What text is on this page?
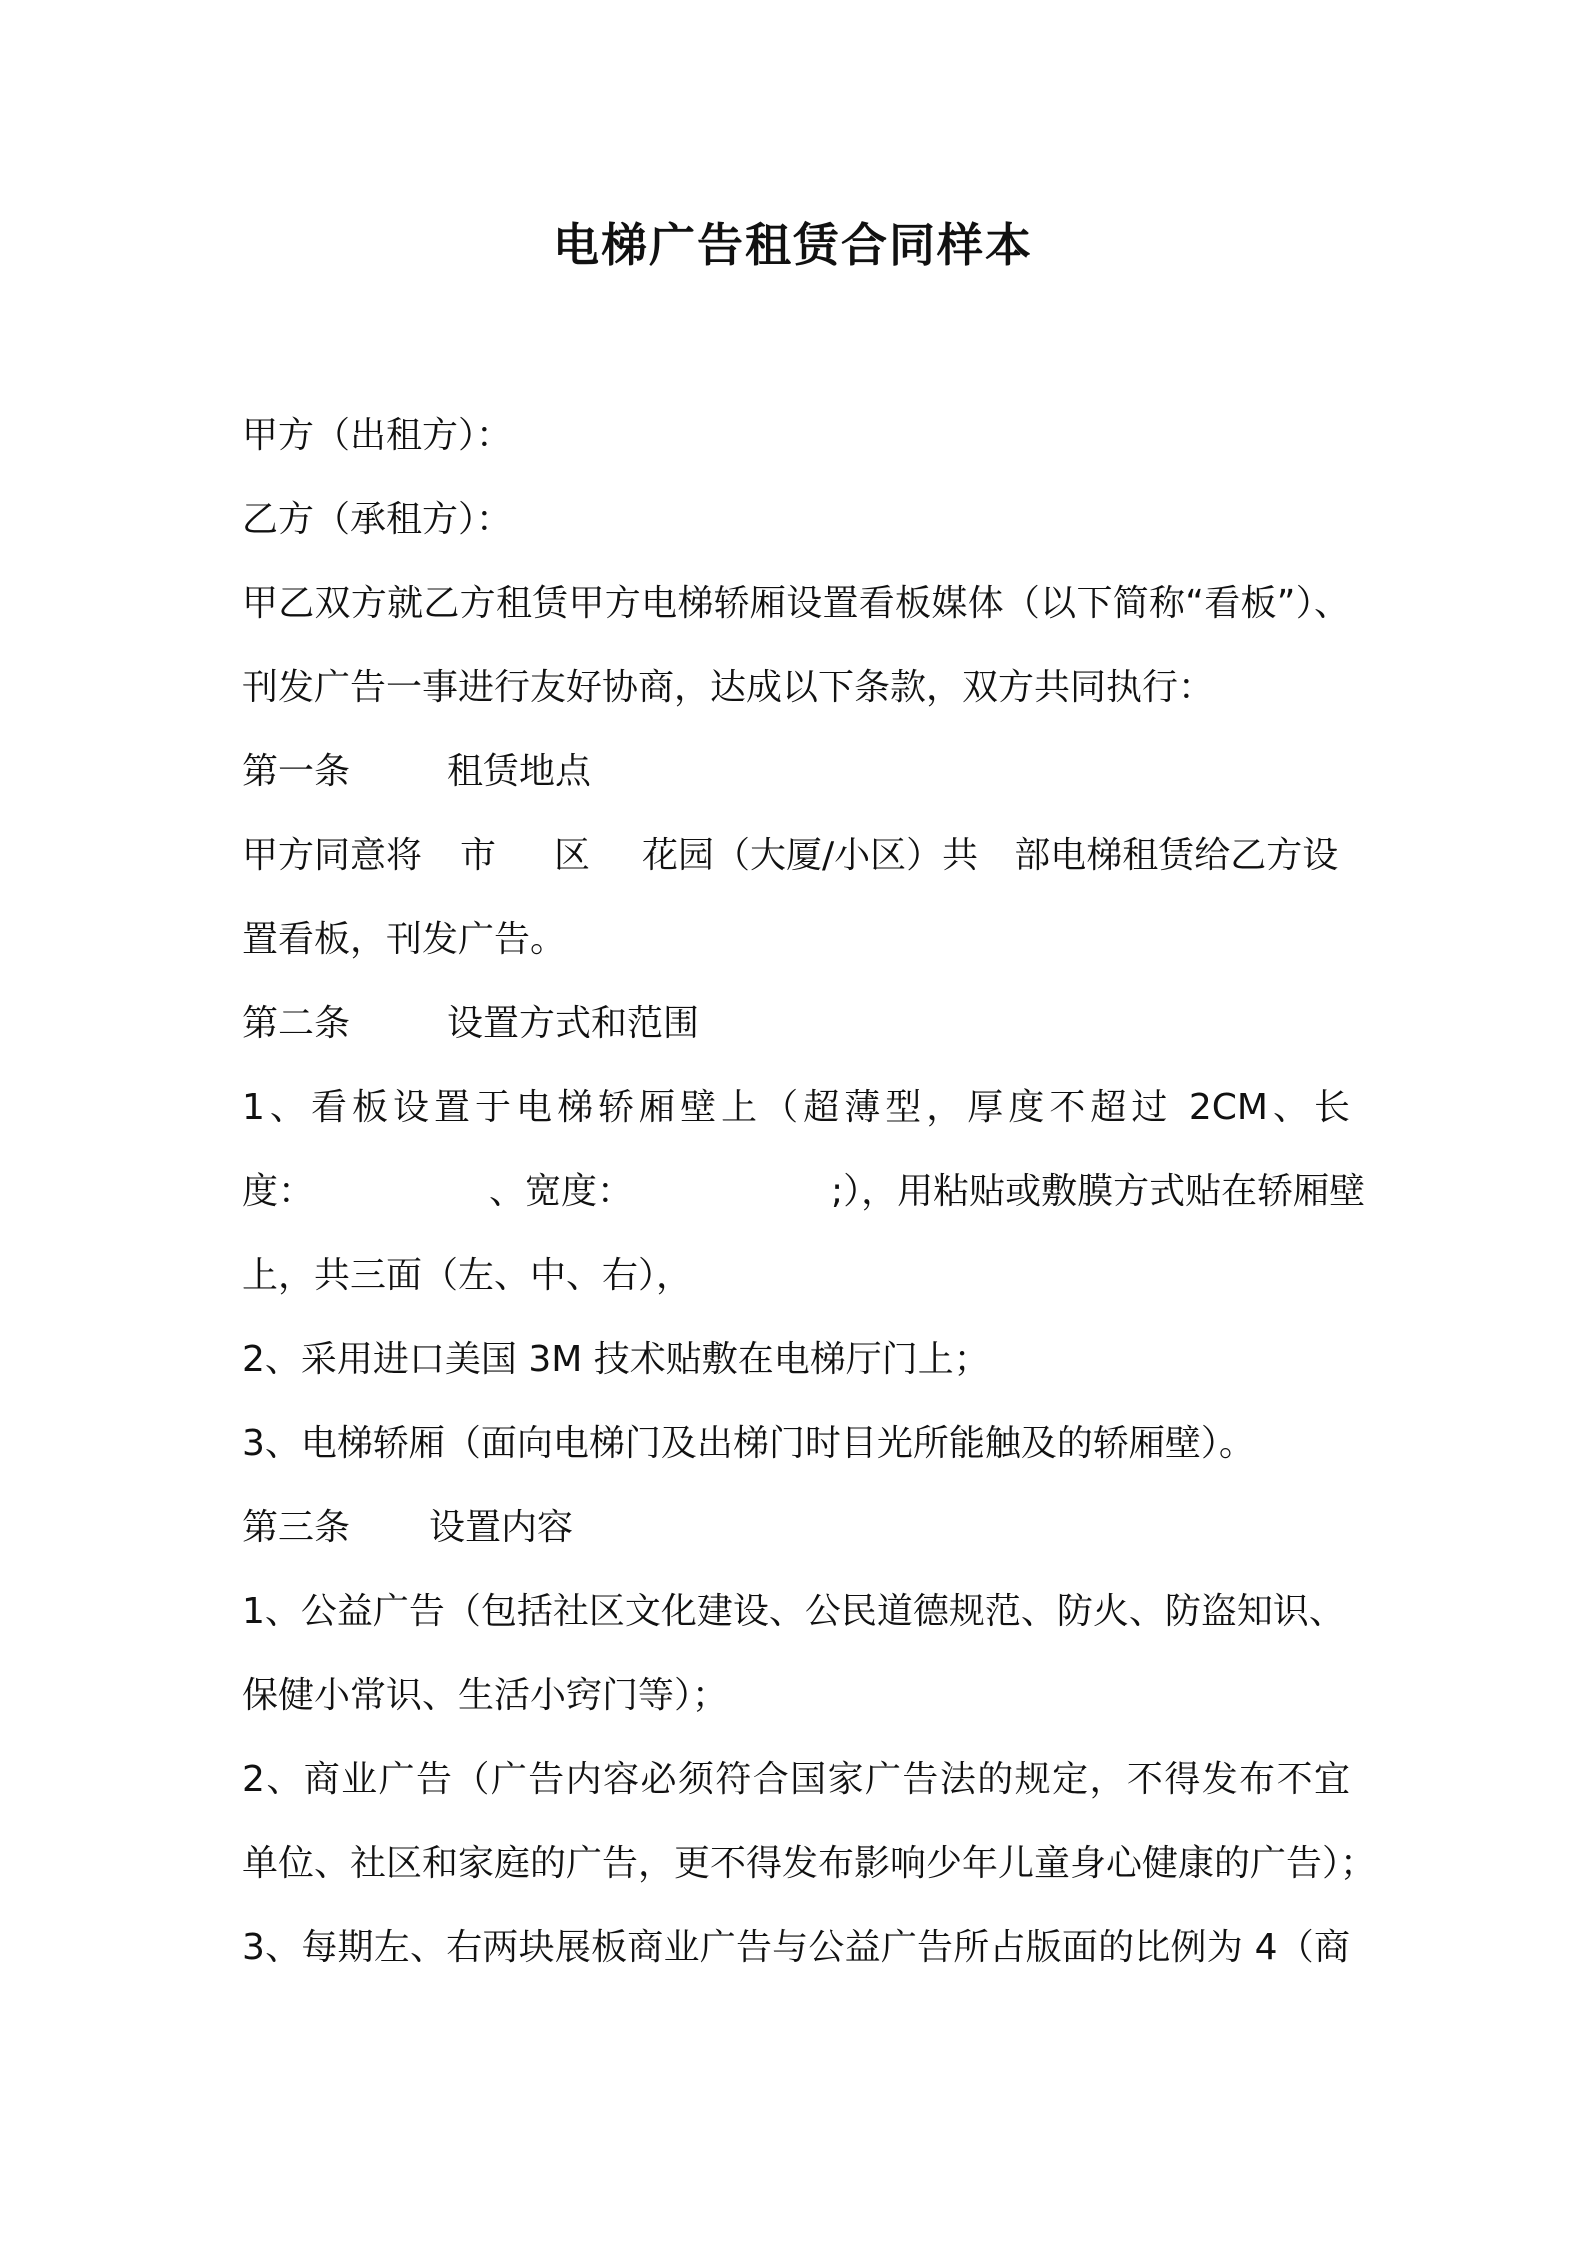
电梯广告租赁合同样本
甲方（出租方）：
乙方（承租方）：
甲乙双方就乙方租赁甲方电梯轿厢设置看板媒体（以下简称“看板”）、
刊发广告一事进行友好协商，达成以下条款，双方共同执行：
第一条	租赁地点
甲方同意将 市 区 花园（大厦/小区）共 部电梯租赁给乙方设
置看板，刊发广告。
第二条	设置方式和范围
1、看板设置于电梯轿厢壁上（超薄型，厚度不超过 2CM、长
度：	、宽度：	;），用粘贴或敷膜方式贴在轿厢壁
上，共三面（左、中、右），
2、采用进口美国 3M 技术贴敷在电梯厅门上；
3、电梯轿厢（面向电梯门及出梯门时目光所能触及的轿厢壁）。
第三条 设置内容
1、公益广告（包括社区文化建设、公民道德规范、防火、防盗知识、
保健小常识、生活小窍门等）；
2、商业广告（广告内容必须符合国家广告法的规定，不得发布不宜
单位、社区和家庭的广告，更不得发布影响少年儿童身心健康的广告）；
3、每期左、右两块展板商业广告与公益广告所占版面的比例为 4（商
